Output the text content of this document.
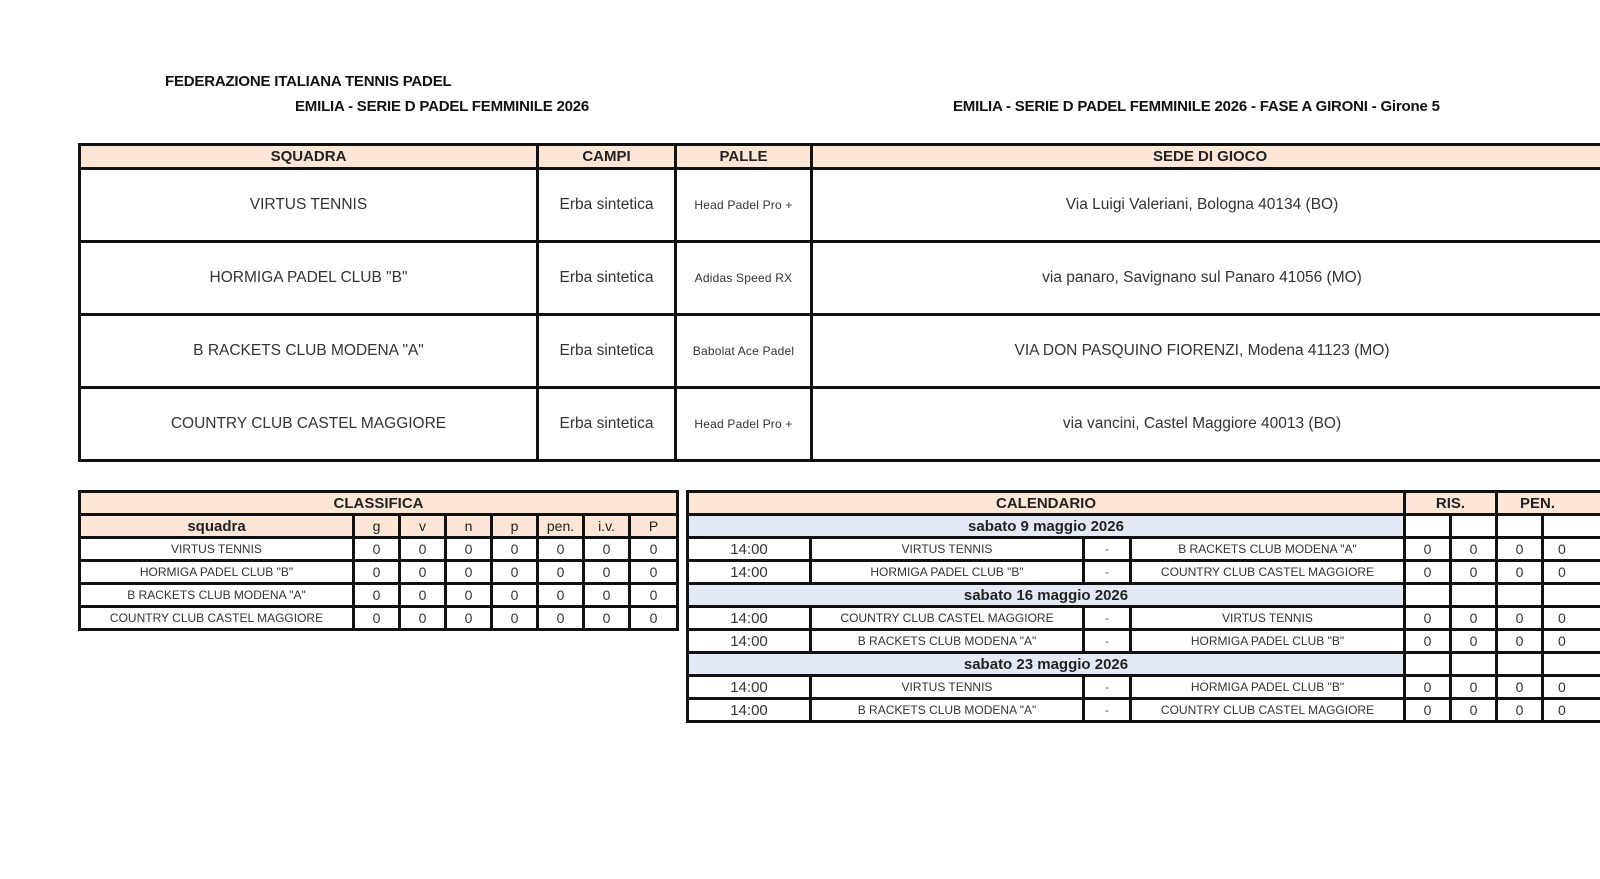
FEDERAZIONE ITALIANA TENNIS PADEL
EMILIA - SERIE D PADEL FEMMINILE 2026	EMILIA - SERIE D PADEL FEMMINILE 2026 - FASE A GIRONI - Girone 5
SQUADRA	CAMPI	PALLE	SEDE DI GIOCO
VIRTUS TENNIS	Erba sintetica	Head Padel Pro +	Via Luigi Valeriani, Bologna 40134 (BO)
HORMIGA PADEL CLUB "B"	Erba sintetica	Adidas Speed RX	via panaro, Savignano sul Panaro 41056 (MO)
B RACKETS CLUB MODENA "A"	Erba sintetica	Babolat Ace Padel	VIA DON PASQUINO FIORENZI, Modena 41123 (MO)
COUNTRY CLUB CASTEL MAGGIORE	Erba sintetica	Head Padel Pro +	via vancini, Castel Maggiore 40013 (BO)
CLASSIFICA							
squadra	g	v	n	p	pen.	i.v.	P
VIRTUS TENNIS	0	0	0	0	0	0	0
HORMIGA PADEL CLUB "B"	0	0	0	0	0	0	0
B RACKETS CLUB MODENA "A"	0	0	0	0	0	0	0
COUNTRY CLUB CASTEL MAGGIORE	0	0	0	0	0	0	0
CALENDARIO				RIS.		PEN.	
sabato 9 maggio 2026							
14:00	VIRTUS TENNIS	-	B RACKETS CLUB MODENA "A"	0	0	0	0
14:00	HORMIGA PADEL CLUB "B"	-	COUNTRY CLUB CASTEL MAGGIORE	0	0	0	0
sabato 16 maggio 2026							
14:00	COUNTRY CLUB CASTEL MAGGIORE	-	VIRTUS TENNIS	0	0	0	0
14:00	B RACKETS CLUB MODENA "A"	-	HORMIGA PADEL CLUB "B"	0	0	0	0
sabato 23 maggio 2026							
14:00	VIRTUS TENNIS	-	HORMIGA PADEL CLUB "B"	0	0	0	0
14:00	B RACKETS CLUB MODENA "A"	-	COUNTRY CLUB CASTEL MAGGIORE	0	0	0	0
